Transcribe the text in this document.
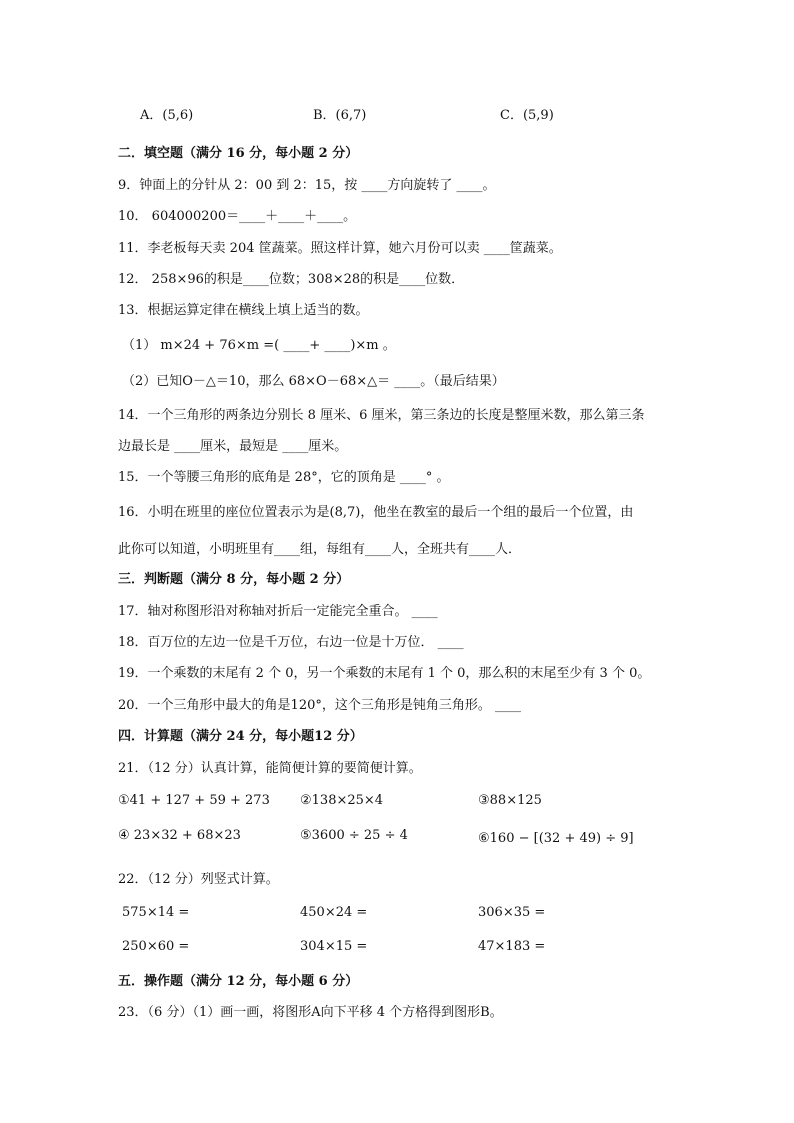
A．(5,6)	B．(6,7)	C．(5,9)
二．填空题（满分 16 分，每小题 2 分）
9．钟面上的分针从 2：00 到 2：15，按 ____方向旋转了 ____。
10． 604000200＝____＋____＋____。
11．李老板每天卖 204 筐蔬菜。照这样计算，她六月份可以卖 ____筐蔬菜。
12． 258×96的积是____位数；308×28的积是____位数．
13．根据运算定律在横线上填上适当的数。
（1） m×24 + 76×m =( ____+ ____)×m 。
（2）已知O－△＝10，那么 68×O－68×△＝ ____。（最后结果）
14．一个三角形的两条边分别长 8 厘米、6 厘米，第三条边的长度是整厘米数，那么第三条
边最长是 ____厘米，最短是 ____厘米。
15．一个等腰三角形的底角是 28°，它的顶角是 ____° 。
16．小明在班里的座位位置表示为是(8,7)，他坐在教室的最后一个组的最后一个位置，由
此你可以知道，小明班里有____组，每组有____人，全班共有____人．
三．判断题（满分 8 分，每小题 2 分）
17．轴对称图形沿对称轴对折后一定能完全重合。 ____
18．百万位的左边一位是千万位，右边一位是十万位． ____
19．一个乘数的末尾有 2 个 0，另一个乘数的末尾有 1 个 0，那么积的末尾至少有 3 个 0。
20．一个三角形中最大的角是120°，这个三角形是钝角三角形。 ____
四．计算题（满分 24 分，每小题12 分）
21．（12 分）认真计算，能简便计算的要简便计算。
①41 + 127 + 59 + 273 ②138×25×4	③88×125
④ 23×32 + 68×23	⑤3600 ÷ 25 ÷ 4	⑥160 − [(32 + 49) ÷ 9]
22．（12 分）列竖式计算。
575×14 =	450×24 =	306×35 =
250×60 =	304×15 =	47×183 =
五．操作题（满分 12 分，每小题 6 分）
23．（6 分）（1）画一画，将图形A向下平移 4 个方格得到图形B。
